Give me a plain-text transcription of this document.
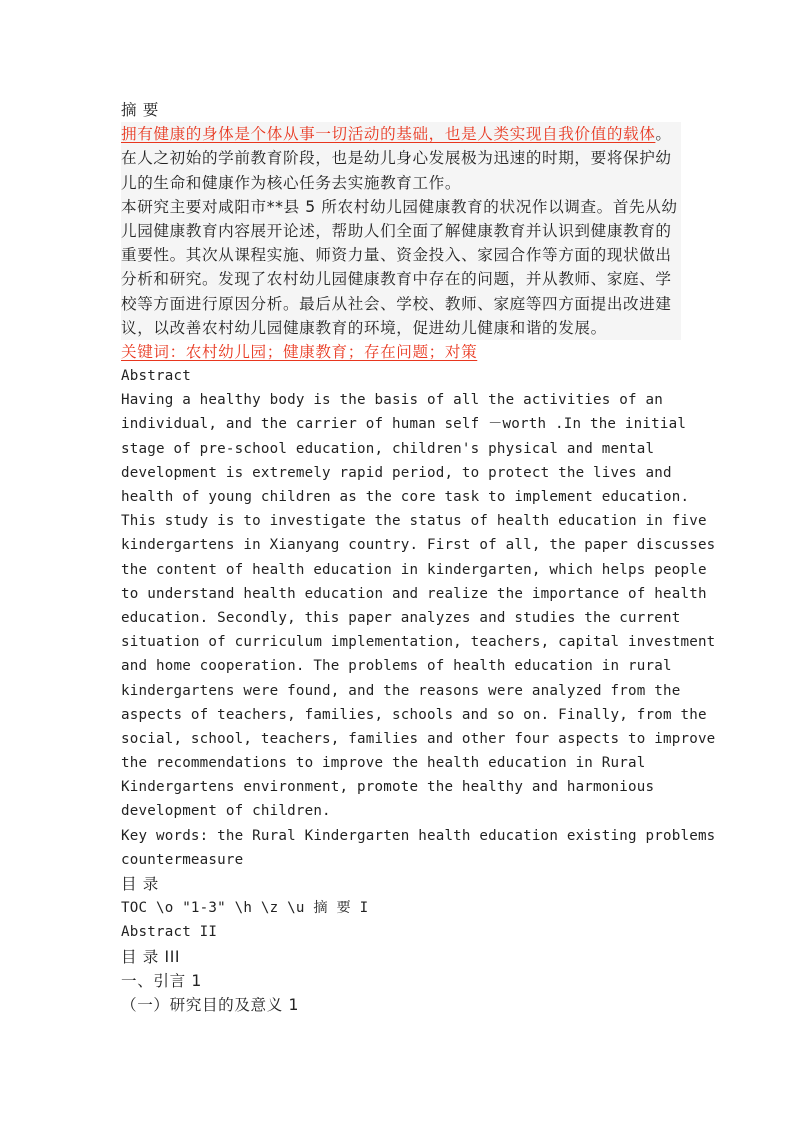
摘 要
拥有健康的身体是个体从事一切活动的基础，也是人类实现自我价值的载体。
在人之初始的学前教育阶段，也是幼儿身心发展极为迅速的时期，要将保护幼
儿的生命和健康作为核心任务去实施教育工作。
本研究主要对咸阳市**县 5 所农村幼儿园健康教育的状况作以调查。首先从幼
儿园健康教育内容展开论述，帮助人们全面了解健康教育并认识到健康教育的
重要性。其次从课程实施、师资力量、资金投入、家园合作等方面的现状做出
分析和研究。发现了农村幼儿园健康教育中存在的问题，并从教师、家庭、学
校等方面进行原因分析。最后从社会、学校、教师、家庭等四方面提出改进建
议，以改善农村幼儿园健康教育的环境，促进幼儿健康和谐的发展。
关键词：农村幼儿园；健康教育；存在问题；对策
Abstract
Having a healthy body is the basis of all the activities of an
individual, and the carrier of human self －worth .In the initial
stage of pre-school education, children's physical and mental
development is extremely rapid period, to protect the lives and
health of young children as the core task to implement education.
This study is to investigate the status of health education in five
kindergartens in Xianyang country. First of all, the paper discusses
the content of health education in kindergarten, which helps people
to understand health education and realize the importance of health
education. Secondly, this paper analyzes and studies the current
situation of curriculum implementation, teachers, capital investment
and home cooperation. The problems of health education in rural
kindergartens were found, and the reasons were analyzed from the
aspects of teachers, families, schools and so on. Finally, from the
social, school, teachers, families and other four aspects to improve
the recommendations to improve the health education in Rural
Kindergartens environment, promote the healthy and harmonious
development of children.
Key words: the Rural Kindergarten health education existing problems
countermeasure
目 录
TOC \o "1-3" \h \z \u 摘 要 I
Abstract II
目 录 III
一、引言 1
（一）研究目的及意义 1
